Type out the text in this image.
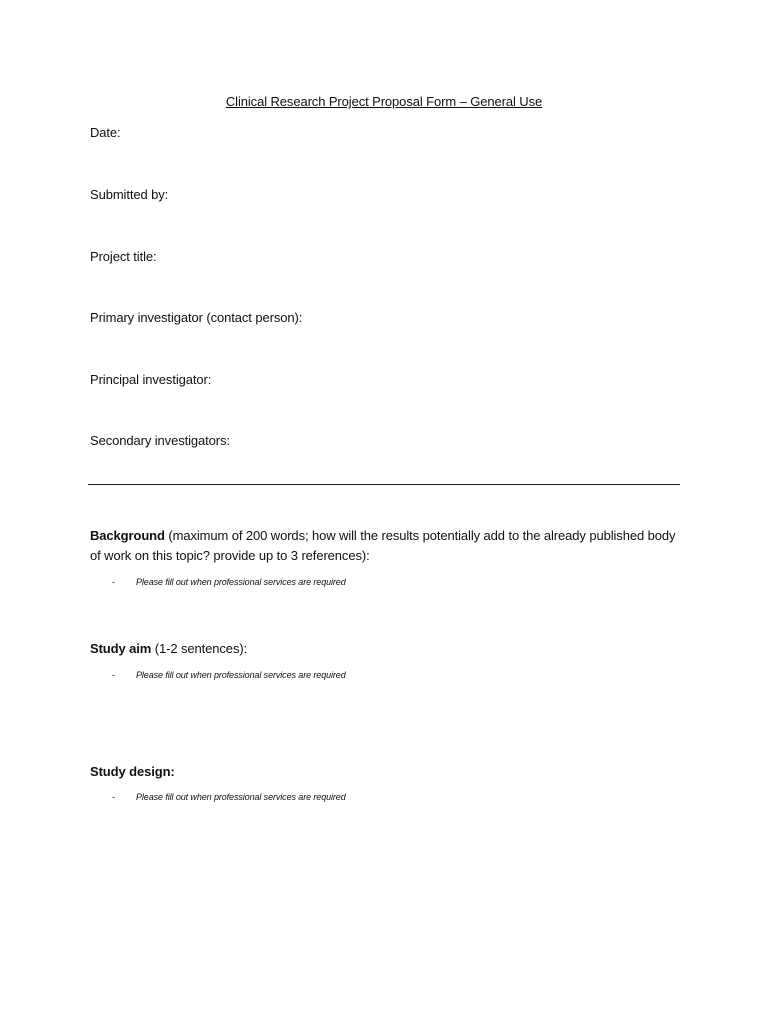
Clinical Research Project Proposal Form – General Use
Date:
Submitted by:
Project title:
Primary investigator (contact person):
Principal investigator:
Secondary investigators:
Background (maximum of 200 words; how will the results potentially add to the already published body of work on this topic? provide up to 3 references):
- Please fill out when professional services are required
Study aim (1-2 sentences):
- Please fill out when professional services are required
Study design:
- Please fill out when professional services are required
